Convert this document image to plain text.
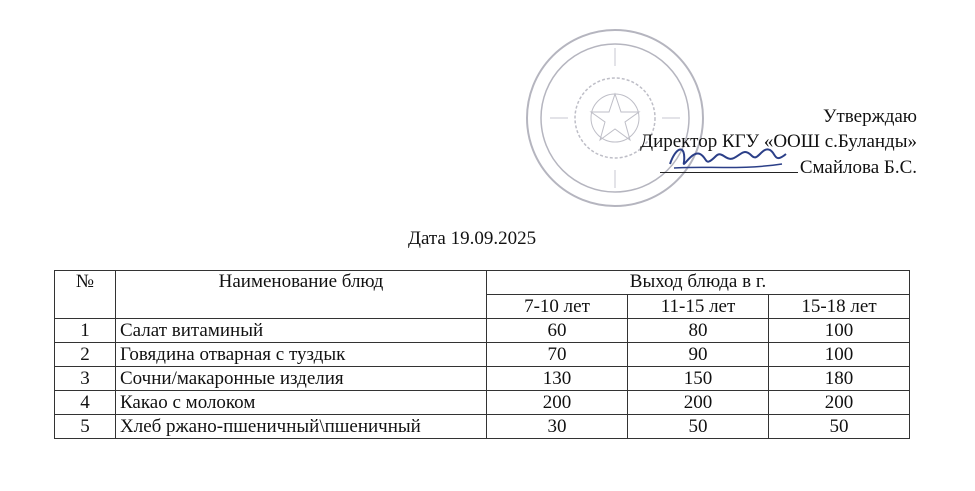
Утверждаю
Директор КГУ «ООШ с.Буланды»
Смайлова Б.С.
Дата 19.09.2025
№	Наименование блюд	Выход блюда в г.		
		7-10 лет	11-15 лет	15-18 лет
1	Салат витаминый	60	80	100
2	Говядина отварная с туздык	70	90	100
3	Сочни/макаронные изделия	130	150	180
4	Какао с молоком	200	200	200
5	Хлеб ржано-пшеничный\пшеничный	30	50	50
